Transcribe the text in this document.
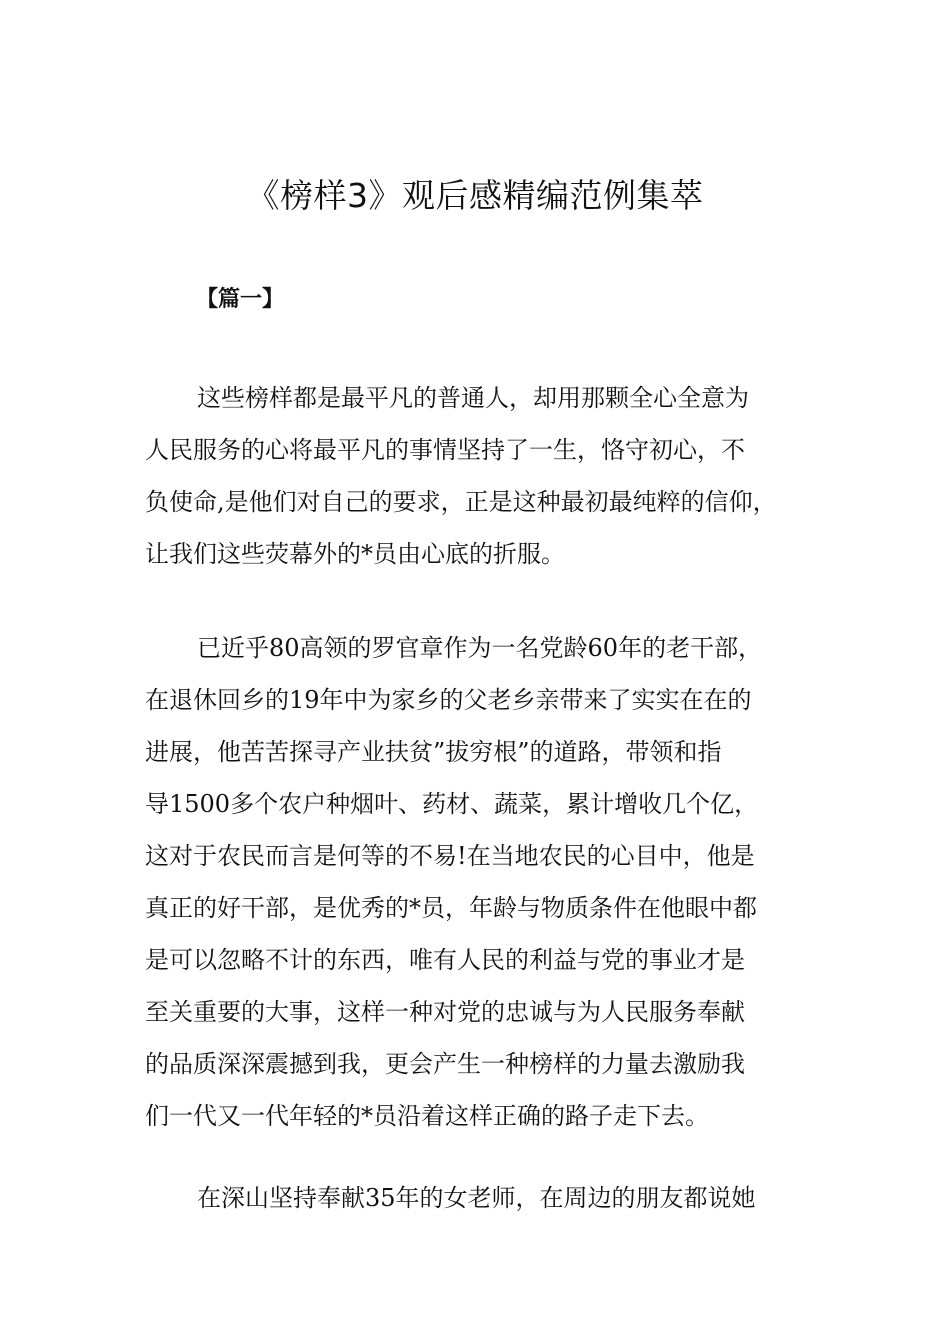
《榜样3》观后感精编范例集萃
【篇一】
这些榜样都是最平凡的普通人，却用那颗全心全意为
人民服务的心将最平凡的事情坚持了一生，恪守初心，不
负使命,是他们对自己的要求，正是这种最初最纯粹的信仰，
让我们这些荧幕外的*员由心底的折服。
已近乎80高领的罗官章作为一名党龄60年的老干部，
在退休回乡的19年中为家乡的父老乡亲带来了实实在在的
进展，他苦苦探寻产业扶贫”拔穷根”的道路，带领和指
导1500多个农户种烟叶、药材、蔬菜，累计增收几个亿，
这对于农民而言是何等的不易!在当地农民的心目中，他是
真正的好干部，是优秀的*员，年龄与物质条件在他眼中都
是可以忽略不计的东西，唯有人民的利益与党的事业才是
至关重要的大事，这样一种对党的忠诚与为人民服务奉献
的品质深深震撼到我，更会产生一种榜样的力量去激励我
们一代又一代年轻的*员沿着这样正确的路子走下去。
在深山坚持奉献35年的女老师，在周边的朋友都说她
